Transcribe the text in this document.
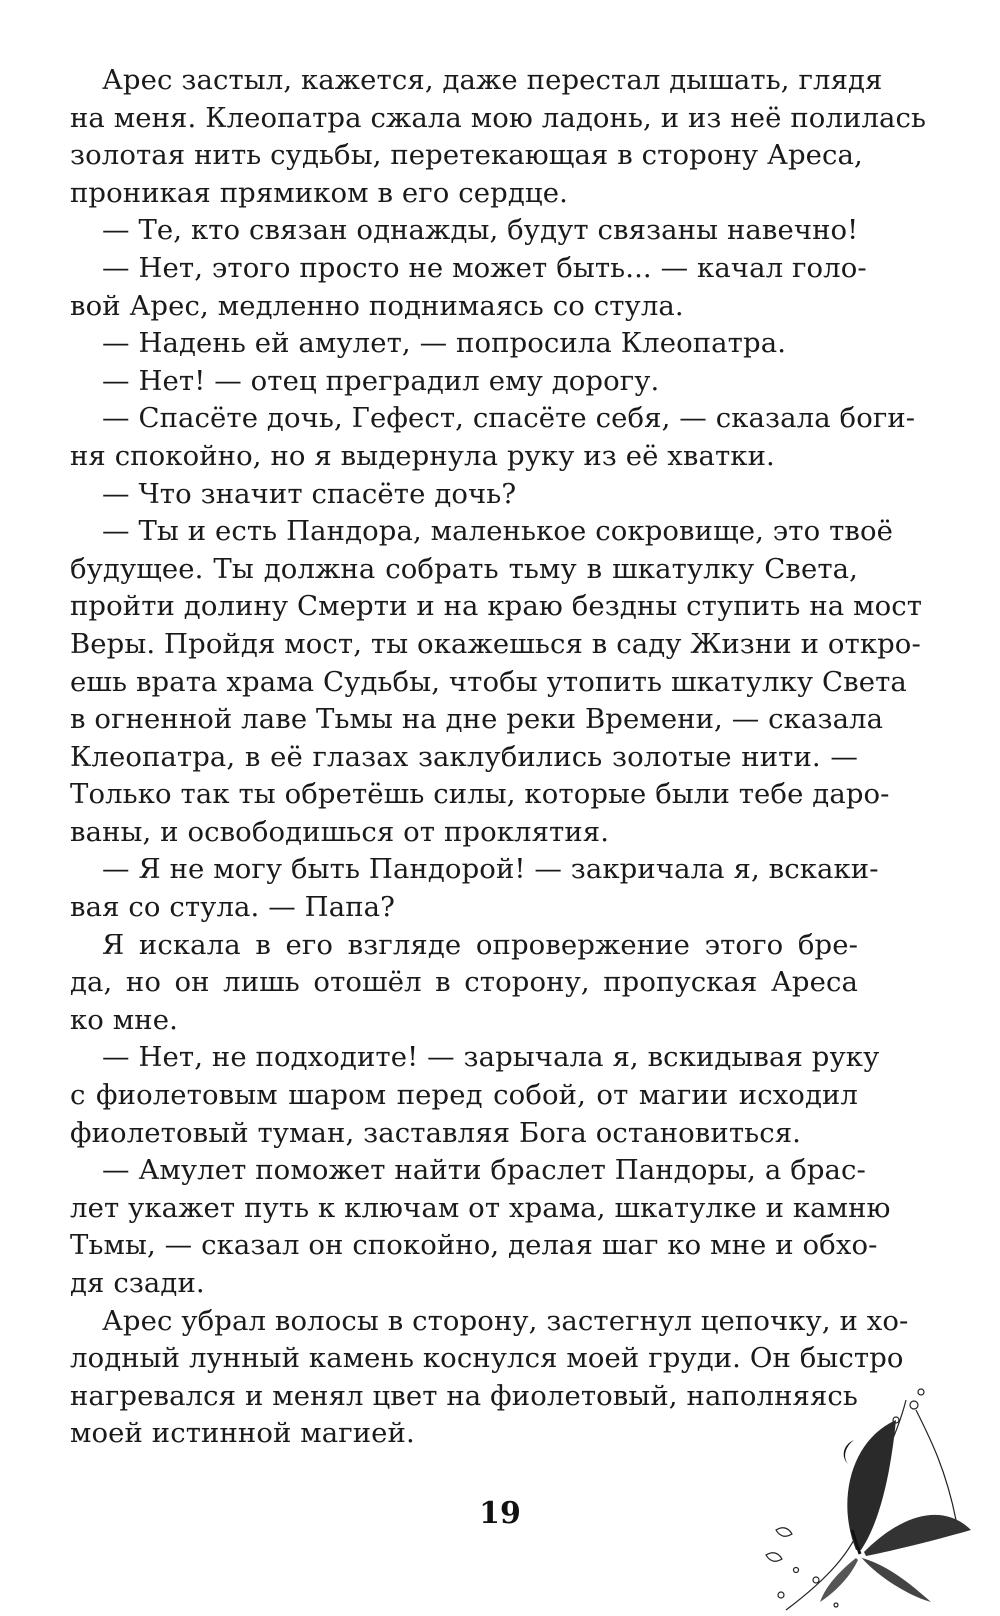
Арес застыл, кажется, даже перестал дышать, глядя
на меня. Клеопатра сжала мою ладонь, и из неё полилась
золотая нить судьбы, перетекающая в сторону Ареса,
проникая прямиком в его сердце.
— Те, кто связан однажды, будут связаны навечно!
— Нет, этого просто не может быть... — качал голо-
вой Арес, медленно поднимаясь со стула.
— Надень ей амулет, — попросила Клеопатра.
— Нет! — отец преградил ему дорогу.
— Спасёте дочь, Гефест, спасёте себя, — сказала боги-
ня спокойно, но я выдернула руку из её хватки.
— Что значит спасёте дочь?
— Ты и есть Пандора, маленькое сокровище, это твоё
будущее. Ты должна собрать тьму в шкатулку Света,
пройти долину Смерти и на краю бездны ступить на мост
Веры. Пройдя мост, ты окажешься в саду Жизни и откро-
ешь врата храма Судьбы, чтобы утопить шкатулку Света
в огненной лаве Тьмы на дне реки Времени, — сказала
Клеопатра, в её глазах заклубились золотые нити. —
Только так ты обретёшь силы, которые были тебе даро-
ваны, и освободишься от проклятия.
— Я не могу быть Пандорой! — закричала я, вскаки-
вая со стула. — Папа?
Я искала в его взгляде опровержение этого бре-
да, но он лишь отошёл в сторону, пропуская Ареса
ко мне.
— Нет, не подходите! — зарычала я, вскидывая руку
с фиолетовым шаром перед собой, от магии исходил
фиолетовый туман, заставляя Бога остановиться.
— Амулет поможет найти браслет Пандоры, а брас-
лет укажет путь к ключам от храма, шкатулке и камню
Тьмы, — сказал он спокойно, делая шаг ко мне и обхо-
дя сзади.
Арес убрал волосы в сторону, застегнул цепочку, и хо-
лодный лунный камень коснулся моей груди. Он быстро
нагревался и менял цвет на фиолетовый, наполняясь
моей истинной магией.
19
